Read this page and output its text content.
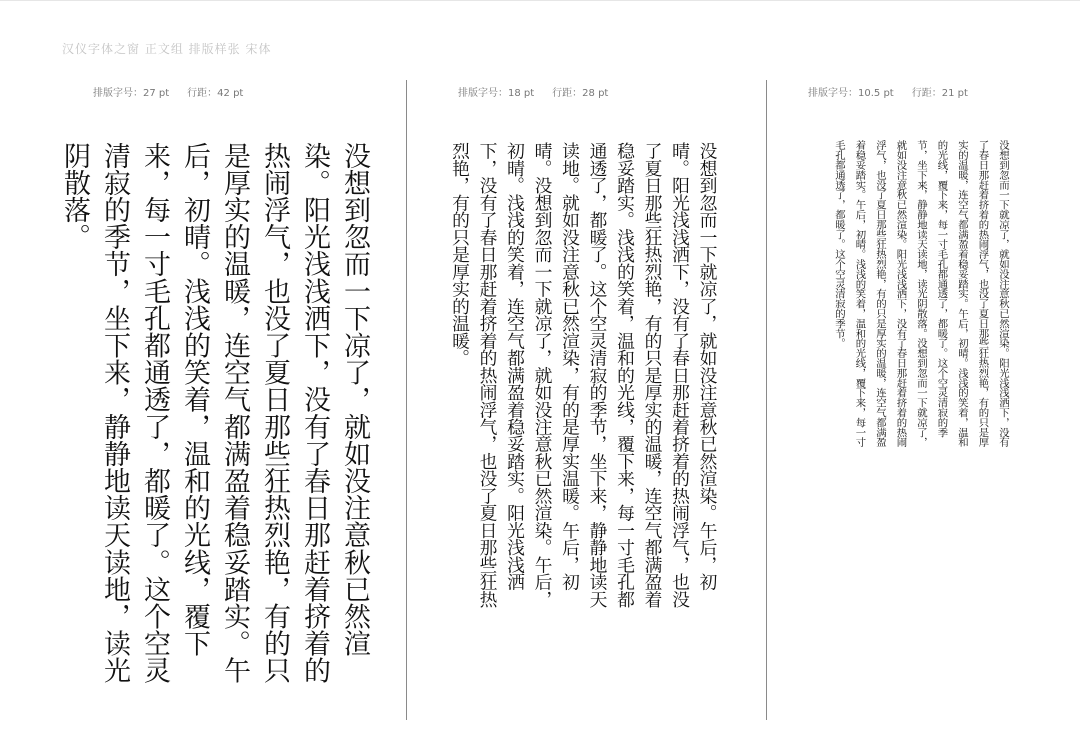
汉仪字体之窗 正文组 排版样张 宋体
排版字号：27 pt 行距：42 pt
没想到忽而一下凉了，就如没注意秋已然渲染。阳光浅浅洒下，没有了春日那赶着挤着的热闹浮气，也没了夏日那些狂热烈艳，有的只是厚实的温暖，连空气都满盈着稳妥踏实。午后，初晴。浅浅的笑着，温和的光线，覆下来，每一寸毛孔都通透了，都暖了。这个空灵清寂的季节，坐下来，静静地读天读地，读光阴散落。
排版字号：18 pt 行距：28 pt
没想到忽而一下就凉了，就如没注意秋已然渲染。午后，初晴。阳光浅浅洒下，没有了春日那赶着挤着的热闹浮气，也没了夏日那些狂热烈艳，有的只是厚实的温暖，连空气都满盈着稳妥踏实。浅浅的笑着，温和的光线，覆下来，每一寸毛孔都通透了，都暖了。这个空灵清寂的季节，坐下来，静静地读天读地。就如没注意秋已然渲染，有的是厚实温暖。午后，初晴。没想到忽而一下就凉了，就如没注意秋已然渲染。午后，初晴。浅浅的笑着，连空气都满盈着稳妥踏实。阳光浅浅洒下，没有了春日那赶着挤着的热闹浮气，也没了夏日那些狂热烈艳，有的只是厚实的温暖。
排版字号：10.5 pt 行距：21 pt
没想到忽而一下就凉了，就如没注意秋已然渲染。阳光浅浅洒下，没有了春日那赶着挤着的热闹浮气，也没了夏日那些狂热烈艳，有的只是厚实的温暖，连空气都满盈着稳妥踏实。午后，初晴。浅浅的笑着，温和的光线，覆下来，每一寸毛孔都通透了，都暖了。这个空灵清寂的季节，坐下来，静静地读天读地，读光阴散落。没想到忽而一下就凉了，就如没注意秋已然渲染。阳光浅浅洒下，没有了春日那赶着挤着的热闹浮气，也没了夏日那些狂热烈艳，有的只是厚实的温暖，连空气都满盈着稳妥踏实。午后，初晴。浅浅的笑着，温和的光线，覆下来，每一寸毛孔都通透了，都暖了。这个空灵清寂的季节。
